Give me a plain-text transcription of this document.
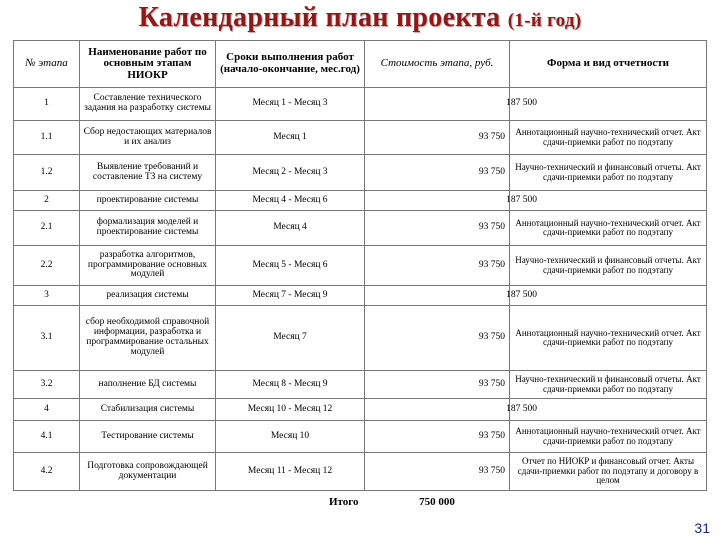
Календарный план проекта (1-й год)
№ этапа	Наименование работ по основным этапам НИОКР	Сроки выполнения работ (начало-окончание, мес.год)	Стоимость этапа, руб.	Форма и вид отчетности
1	Составление технического задания на разработку системы	Месяц 1 - Месяц 3	187 500	
1.1	Сбор недостающих материалов и их анализ	Месяц 1	93 750	Аннотационный научно-технический отчет. Акт сдачи-приемки работ по подэтапу
1.2	Выявление требований и составление ТЗ на систему	Месяц 2 - Месяц 3	93 750	Научно-технический и финансовый отчеты. Акт сдачи-приемки работ по подэтапу
2	проектирование системы	Месяц 4 - Месяц 6	187 500	
2.1	формализация моделей и проектирование системы	Месяц 4	93 750	Аннотационный научно-технический отчет. Акт сдачи-приемки работ по подэтапу
2.2	разработка алгоритмов, программирование основных модулей	Месяц 5 - Месяц 6	93 750	Научно-технический и финансовый отчеты. Акт сдачи-приемки работ по подэтапу
3	реализация системы	Месяц 7 - Месяц 9	187 500	
3.1	сбор необходимой справочной информации, разработка и программирование остальных модулей	Месяц 7	93 750	Аннотационный научно-технический отчет. Акт сдачи-приемки работ по подэтапу
3.2	наполнение БД системы	Месяц 8 - Месяц 9	93 750	Научно-технический и финансовый отчеты. Акт сдачи-приемки работ по подэтапу
4	Стабилизация системы	Месяц 10 - Месяц 12	187 500	
4.1	Тестирование системы	Месяц 10	93 750	Аннотационный научно-технический отчет. Акт сдачи-приемки работ по подэтапу
4.2	Подготовка сопровождающей документации	Месяц 11 - Месяц 12	93 750	Отчет по НИОКР и финансовый отчет. Акты сдачи-приемки работ по подэтапу и договору в целом
		Итого	750 000	
31
